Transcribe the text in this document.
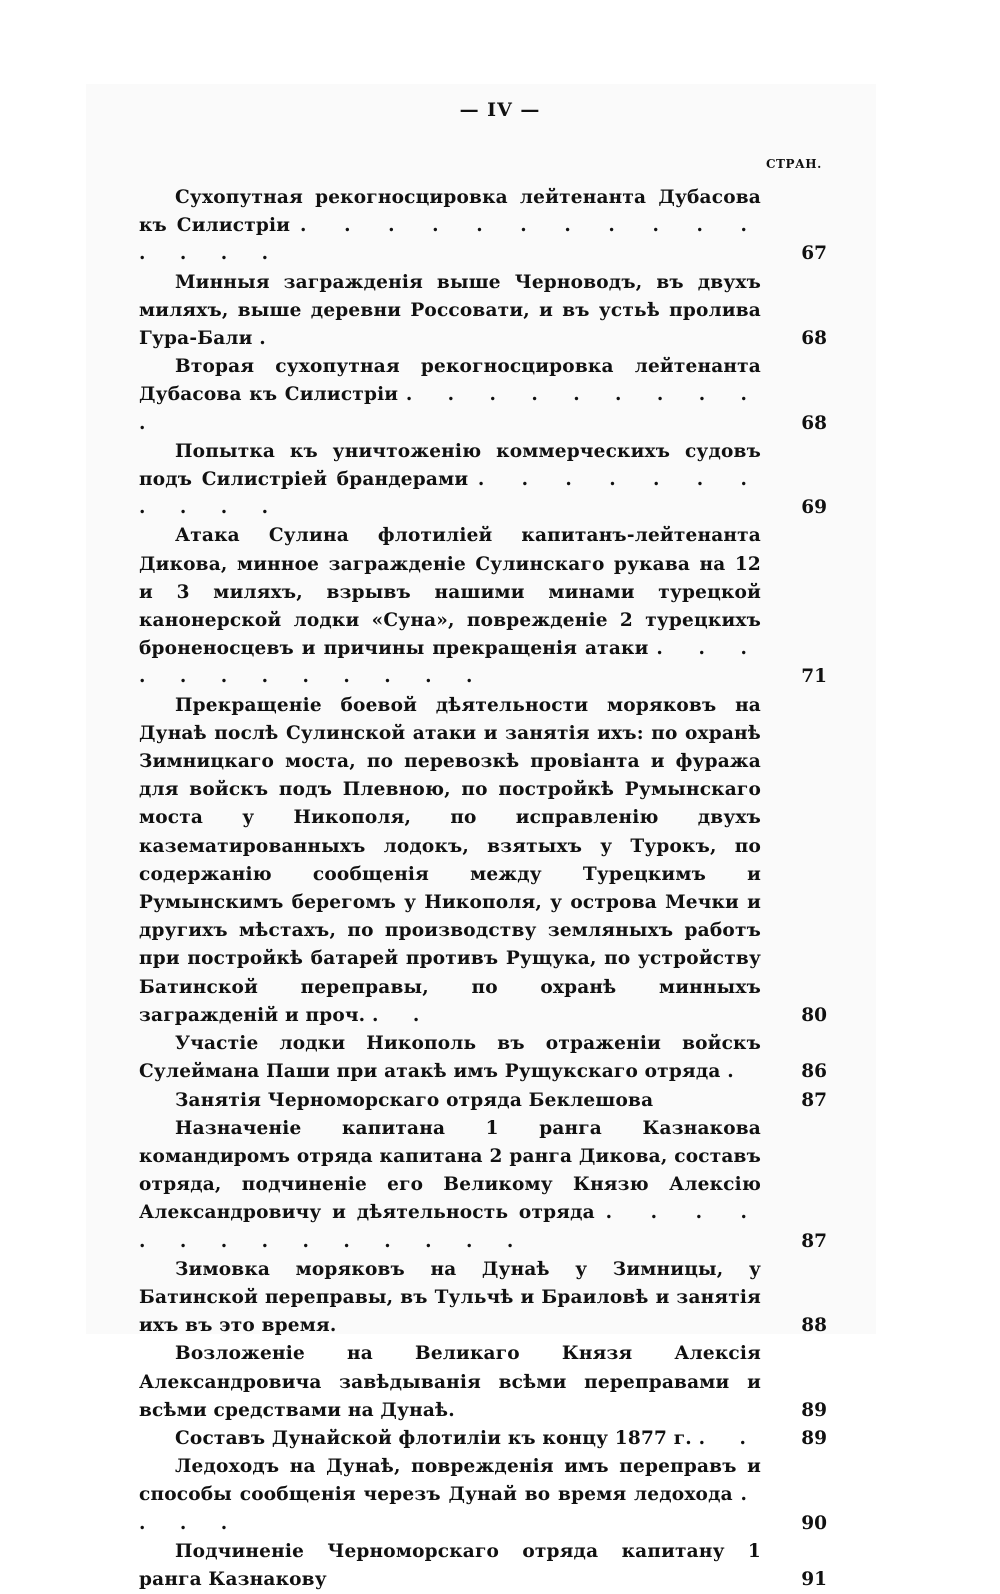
— IV —
СТРАН.
Сухопутная рекогносцировка лейтенанта Дубасова къ Силистріи . . . . . . . . . . . . . . .	67
Минныя загражденія выше Черноводъ, въ двухъ миляхъ, выше деревни Россовати, и въ устьѣ пролива Гура-Бали .	68
Вторая сухопутная рекогносцировка лейтенанта Дубасова къ Силистріи . . . . . . . . . .	68
Попытка къ уничтоженію коммерческихъ судовъ подъ Силистріей брандерами . . . . . . . . . . .	69
Атака Сулина флотиліей капитанъ-лейтенанта Дикова, минное загражденіе Сулинскаго рукава на 12 и 3 миляхъ, взрывъ нашими минами турецкой канонерской лодки «Суна», поврежденіе 2 турецкихъ броненосцевъ и причины прекращенія атаки . . . . . . . . . . . .	71
Прекращеніе боевой дѣятельности моряковъ на Дунаѣ послѣ Сулинской атаки и занятія ихъ: по охранѣ Зимницкаго моста, по перевозкѣ провіанта и фуража для войскъ подъ Плевною, по постройкѣ Румынскаго моста у Никополя, по исправленію двухъ казематированныхъ лодокъ, взятыхъ у Турокъ, по содержанію сообщенія между Турецкимъ и Румынскимъ берегомъ у Никополя, у острова Мечки и другихъ мѣстахъ, по производству земляныхъ работъ при постройкѣ батарей противъ Рущука, по устройству Батинской переправы, по охранѣ минныхъ загражденій и проч. . .	80
Участіе лодки Никополь въ отраженіи войскъ Сулеймана Паши при атакѣ имъ Рущукскаго отряда .	86
Занятія Черноморскаго отряда Беклешова	87
Назначеніе капитана 1 ранга Казнакова командиромъ отряда капитана 2 ранга Дикова, составъ отряда, подчиненіе его Великому Князю Алексію Александровичу и дѣятельность отряда . . . . . . . . . . . . . .	87
Зимовка моряковъ на Дунаѣ у Зимницы, у Батинской переправы, въ Тульчѣ и Браиловѣ и занятія ихъ въ это время.	88
Возложеніе на Великаго Князя Алексія Александровича завѣдыванія всѣми переправами и всѣми средствами на Дунаѣ.	89
Составъ Дунайской флотиліи къ концу 1877 г. . .	89
Ледоходъ на Дунаѣ, поврежденія имъ переправъ и способы сообщенія черезъ Дунай во время ледохода . . . .	90
Подчиненіе Черноморскаго отряда капитану 1 ранга Казнакову	91
